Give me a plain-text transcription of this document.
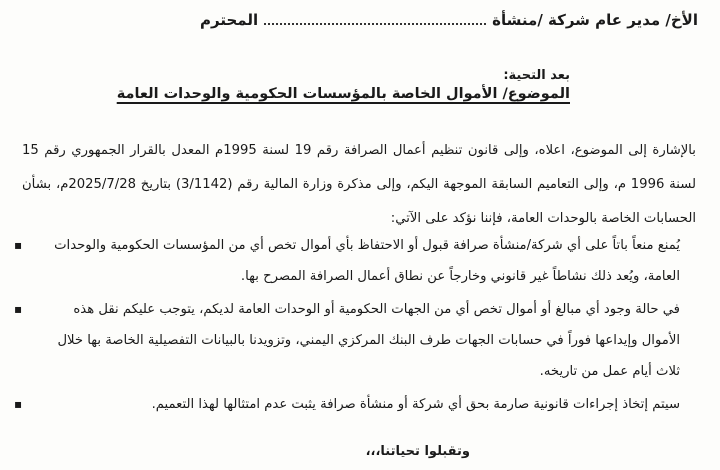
الأخ/ مدير عام شركة /منشأة
المحترم
بعد التحية:
الموضوع/ الأموال الخاصة بالمؤسسات الحكومية والوحدات العامة

بالإشارة إلى الموضوع، اعلاه، وإلى قانون تنظيم أعمال الصرافة رقم 19 لسنة 1995م المعدل بالقرار الجمهوري رقم 15 لسنة 1996 م، وإلى التعاميم السابقة الموجهة اليكم، وإلى مذكرة وزارة المالية رقم (3/1142) بتاريخ 2025/7/28م، بشأن الحسابات الخاصة بالوحدات العامة، فإننا نؤكد على الآتي:

▪ يُمنع منعاً باتاً على أي شركة/منشأة صرافة قبول أو الاحتفاظ بأي أموال تخص أي من المؤسسات الحكومية والوحدات العامة، ويُعد ذلك نشاطاً غير قانوني وخارجاً عن نطاق أعمال الصرافة المصرح بها.
▪	في حالة وجود أي مبالغ أو أموال تخص أي من الجهات الحكومية أو الوحدات العامة لديكم، يتوجب عليكم نقل هذه الأموال وإيداعها فوراً في حسابات الجهات طرف البنك المركزي اليمني، وتزويدنا بالبيانات التفصيلية الخاصة بها خلال ثلاث أيام عمل من تاريخه.
▪	سيتم إتخاذ إجراءات قانونية صارمة بحق أي شركة أو منشأة صرافة يثبت عدم امتثالها لهذا التعميم.
وتقبلوا تحياتنا،،،
